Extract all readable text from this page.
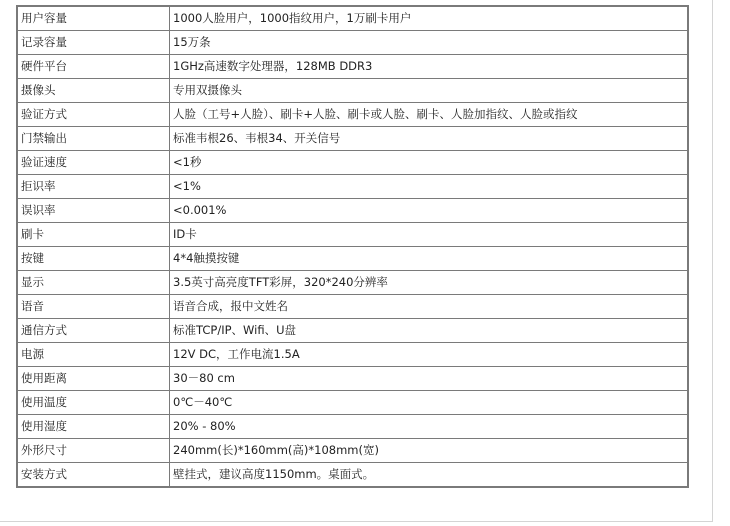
用户容量	1000人脸用户，1000指纹用户，1万刷卡用户
记录容量	15万条
硬件平台	1GHz高速数字处理器，128MB DDR3
摄像头	专用双摄像头
验证方式	人脸（工号+人脸）、刷卡+人脸、刷卡或人脸、刷卡、人脸加指纹、人脸或指纹
门禁输出	标准韦根26、韦根34、开关信号
验证速度	<1秒
拒识率	<1%
误识率	<0.001%
刷卡	ID卡
按键	4*4触摸按键
显示	3.5英寸高亮度TFT彩屏，320*240分辨率
语音	语音合成，报中文姓名
通信方式	标准TCP/IP、Wifi、U盘
电源	12V DC，工作电流1.5A
使用距离	30－80 cm
使用温度	0℃－40℃
使用湿度	20% - 80%
外形尺寸	240mm(长)*160mm(高)*108mm(宽)
安装方式	壁挂式，建议高度1150mm。桌面式。
